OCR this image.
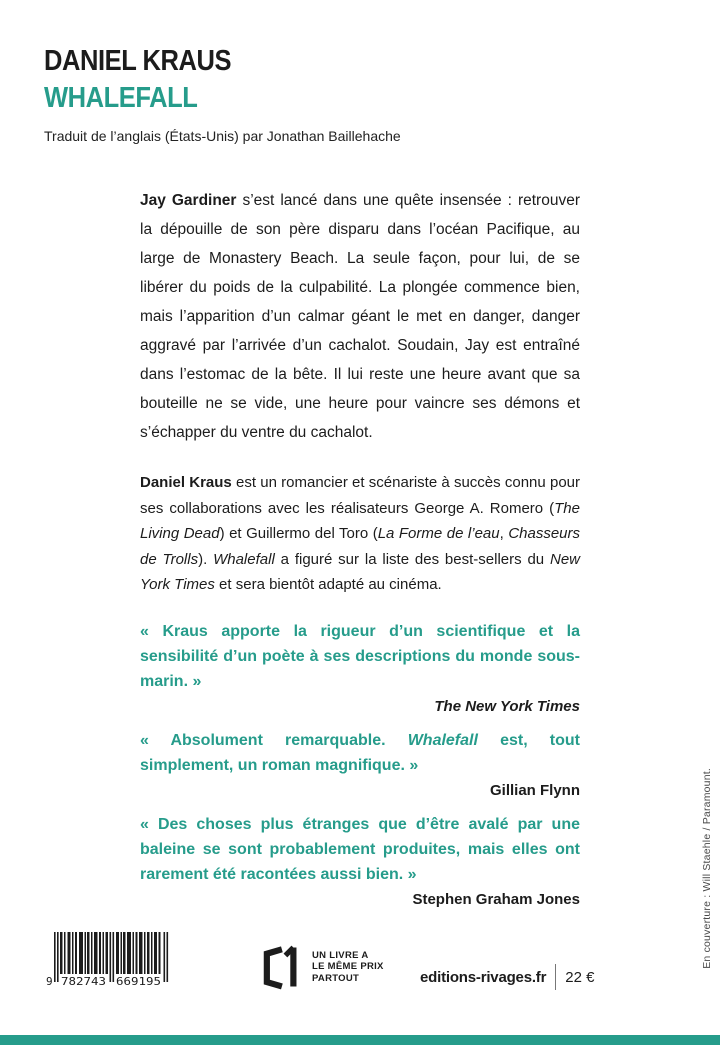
DANIEL KRAUS
WHALEFALL

Traduit de l’anglais (États-Unis) par Jonathan Baillehache

Jay Gardiner s’est lancé dans une quête insensée : retrouver la dépouille de son père disparu dans l’océan Pacifique, au large de Monastery Beach. La seule façon, pour lui, de se libérer du poids de la culpabilité. La plongée commence bien, mais l’apparition d’un calmar géant le met en danger, danger aggravé par l’arrivée d’un cachalot. Soudain, Jay est entraîné dans l’estomac de la bête. Il lui reste une heure avant que sa bouteille ne se vide, une heure pour vaincre ses démons et s’échapper du ventre du cachalot.

Daniel Kraus est un romancier et scénariste à succès connu pour ses collaborations avec les réalisateurs George A. Romero (The Living Dead) et Guillermo del Toro (La Forme de l’eau, Chasseurs de Trolls). Whalefall a figuré sur la liste des best-sellers du New York Times et sera bientôt adapté au cinéma.

« Kraus apporte la rigueur d’un scientifique et la sensibilité d’un poète à ses descriptions du monde sous-marin. »

The New York Times

« Absolument remarquable. Whalefall est, tout simplement, un roman magnifique. »

Gillian Flynn

« Des choses plus étranges que d’être avalé par une baleine se sont probablement produites, mais elles ont rarement été racontées aussi bien. »

Stephen Graham Jones

9 782743 669195
UN LIVRE A
LE MÊME PRIX
PARTOUT	editions-rivages.fr 22 €
En couverture : Will Staehle / Paramount.
